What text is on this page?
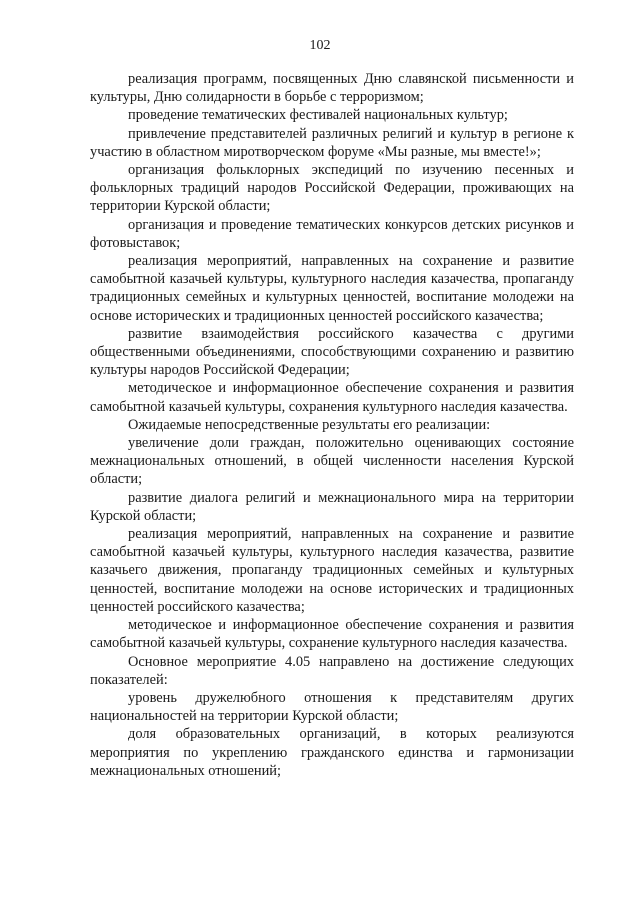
102

реализация программ, посвященных Дню славянской письменности и культуры, Дню солидарности в борьбе с терроризмом;

проведение тематических фестивалей национальных культур;

привлечение представителей различных религий и культур в регионе к участию в областном миротворческом форуме «Мы разные, мы вместе!»;

организация фольклорных экспедиций по изучению песенных и фольклорных традиций народов Российской Федерации, проживающих на территории Курской области;

организация и проведение тематических конкурсов детских рисунков и фотовыставок;

реализация мероприятий, направленных на сохранение и развитие самобытной казачьей культуры, культурного наследия казачества, пропаганду традиционных семейных и культурных ценностей, воспитание молодежи на основе исторических и традиционных ценностей российского казачества;

развитие взаимодействия российского казачества с другими общественными объединениями, способствующими сохранению и развитию культуры народов Российской Федерации;

методическое и информационное обеспечение сохранения и развития самобытной казачьей культуры, сохранения культурного наследия казачества.

Ожидаемые непосредственные результаты его реализации:

увеличение доли граждан, положительно оценивающих состояние межнациональных отношений, в общей численности населения Курской области;

развитие диалога религий и межнационального мира на территории Курской области;

реализация мероприятий, направленных на сохранение и развитие самобытной казачьей культуры, культурного наследия казачества, развитие казачьего движения, пропаганду традиционных семейных и культурных ценностей, воспитание молодежи на основе исторических и традиционных ценностей российского казачества;

методическое и информационное обеспечение сохранения и развития самобытной казачьей культуры, сохранение культурного наследия казачества.

Основное мероприятие 4.05 направлено на достижение следующих показателей:

уровень дружелюбного отношения к представителям других национальностей на территории Курской области;

доля образовательных организаций, в которых реализуются мероприятия по укреплению гражданского единства и гармонизации межнациональных отношений;
